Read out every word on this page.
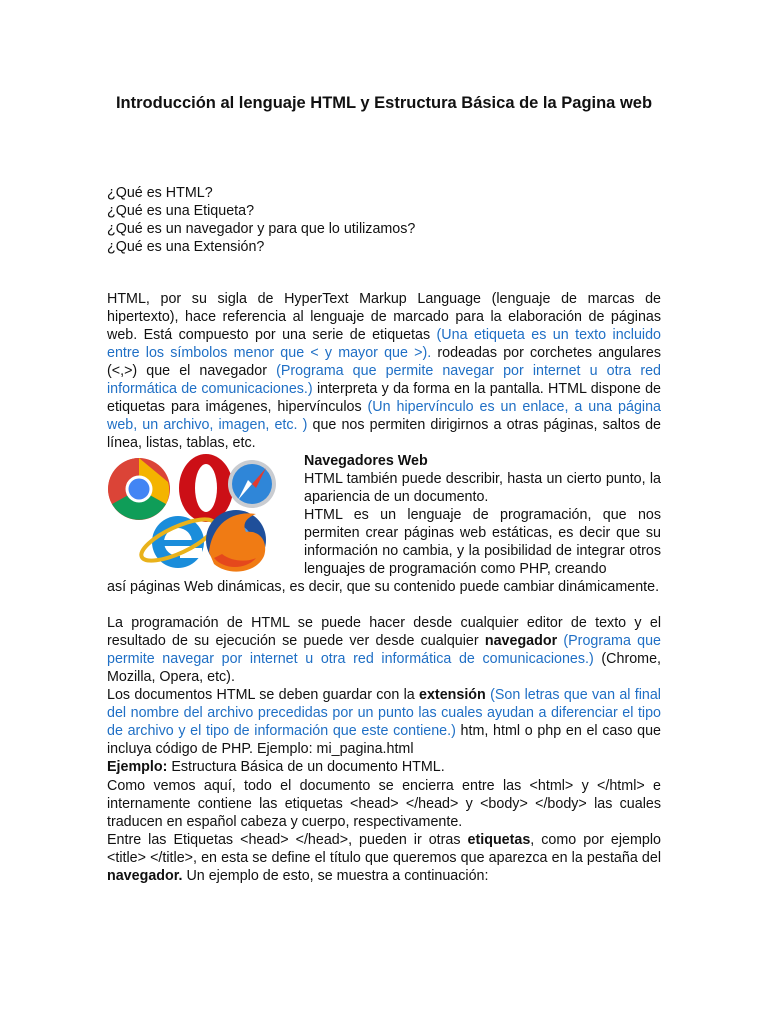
Introducción al lenguaje HTML y Estructura Básica de la Pagina web
¿Qué es HTML?
¿Qué es una Etiqueta?
¿Qué es un navegador y para que lo utilizamos?
¿Qué es una Extensión?

HTML, por su sigla de HyperText Markup Language (lenguaje de marcas de hipertexto), hace referencia al lenguaje de marcado para la elaboración de páginas web. Está compuesto por una serie de etiquetas (Una etiqueta es un texto incluido entre los símbolos menor que < y mayor que >). rodeadas por corchetes angulares (<,>) que el navegador (Programa que permite navegar por internet u otra red informática de comunicaciones.) interpreta y da forma en la pantalla. HTML dispone de etiquetas para imágenes, hipervínculos (Un hipervínculo es un enlace, a una página web, un archivo, imagen, etc. ) que nos permiten dirigirnos a otras páginas, saltos de línea, listas, tablas, etc.

Navegadores Web

HTML también puede describir, hasta un cierto punto, la apariencia de un documento.

HTML es un lenguaje de programación, que nos permiten crear páginas web estáticas, es decir que su información no cambia, y la posibilidad de integrar otros lenguajes de programación como PHP, creando

así páginas Web dinámicas, es decir, que su contenido puede cambiar dinámicamente.

La programación de HTML se puede hacer desde cualquier editor de texto y el resultado de su ejecución se puede ver desde cualquier navegador (Programa que permite navegar por internet u otra red informática de comunicaciones.) (Chrome, Mozilla, Opera, etc).

Los documentos HTML se deben guardar con la extensión (Son letras que van al final del nombre del archivo precedidas por un punto las cuales ayudan a diferenciar el tipo de archivo y el tipo de información que este contiene.) htm, html o php en el caso que incluya código de PHP. Ejemplo: mi_pagina.html

Ejemplo: Estructura Básica de un documento HTML.

Como vemos aquí, todo el documento se encierra entre las <html> y </html> e internamente contiene las etiquetas <head> </head> y <body> </body> las cuales traducen en español cabeza y cuerpo, respectivamente.

Entre las Etiquetas <head> </head>, pueden ir otras etiquetas, como por ejemplo <title> </title>, en esta se define el título que queremos que aparezca en la pestaña del navegador. Un ejemplo de esto, se muestra a continuación:
